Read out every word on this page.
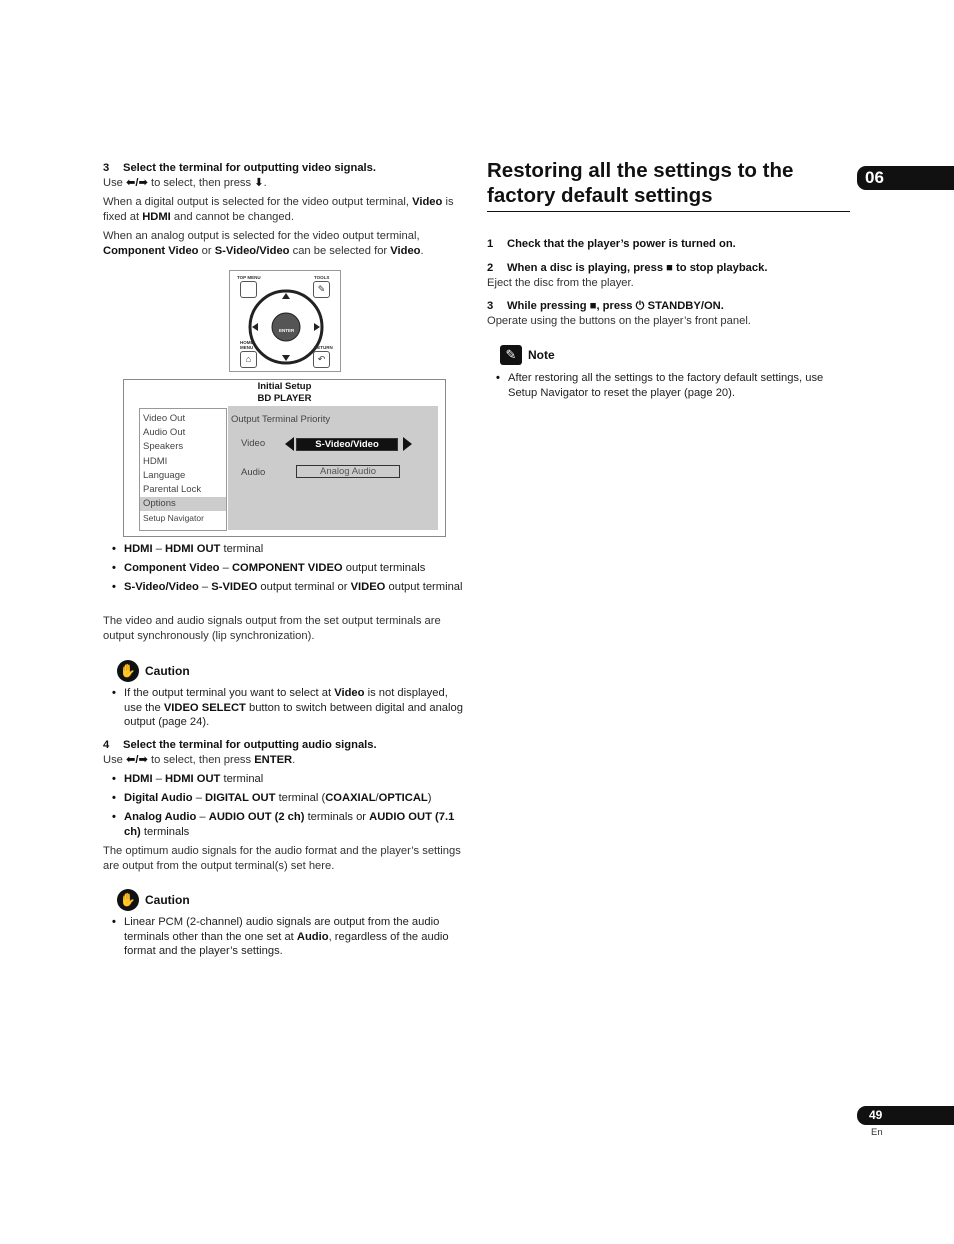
3 Select the terminal for outputting video signals.
Use ⬅/➡ to select, then press ⬇.
When a digital output is selected for the video output terminal, Video is fixed at HDMI and cannot be changed.
When an analog output is selected for the video output terminal, Component Video or S-Video/Video can be selected for Video.
TOP MENU	TOOLS
✎
ENTER
HOME
MENU	RETURN
⌂	↶
Initial Setup
BD PLAYER
Output Terminal Priority
Video	S-Video/Video
Audio	Analog Audio
Video Out
Audio Out
Speakers
HDMI
Language
Parental Lock
Options
Setup Navigator
• HDMI – HDMI OUT terminal
• Component Video – COMPONENT VIDEO output terminals
• S-Video/Video – S-VIDEO output terminal or VIDEO output terminal
The video and audio signals output from the set output terminals are output synchronously (lip synchronization).
✋ Caution
• If the output terminal you want to select at Video is not displayed, use the VIDEO SELECT button to switch between digital and analog output (page 24).
4 Select the terminal for outputting audio signals.
Use ⬅/➡ to select, then press ENTER.
• HDMI – HDMI OUT terminal
• Digital Audio – DIGITAL OUT terminal (COAXIAL/OPTICAL)
• Analog Audio – AUDIO OUT (2 ch) terminals or AUDIO OUT (7.1 ch) terminals
The optimum audio signals for the audio format and the player’s settings are output from the output terminal(s) set here.
✋ Caution
• Linear PCM (2-channel) audio signals are output from the audio terminals other than the one set at Audio, regardless of the audio format and the player’s settings.
Restoring all the settings to the factory default settings
06
1 Check that the player’s power is turned on.
2 When a disc is playing, press ■ to stop playback.
Eject the disc from the player.
3 While pressing ■, press ⏻ STANDBY/ON.
Operate using the buttons on the player’s front panel.
✎ Note
• After restoring all the settings to the factory default settings, use Setup Navigator to reset the player (page 20).
49
En
